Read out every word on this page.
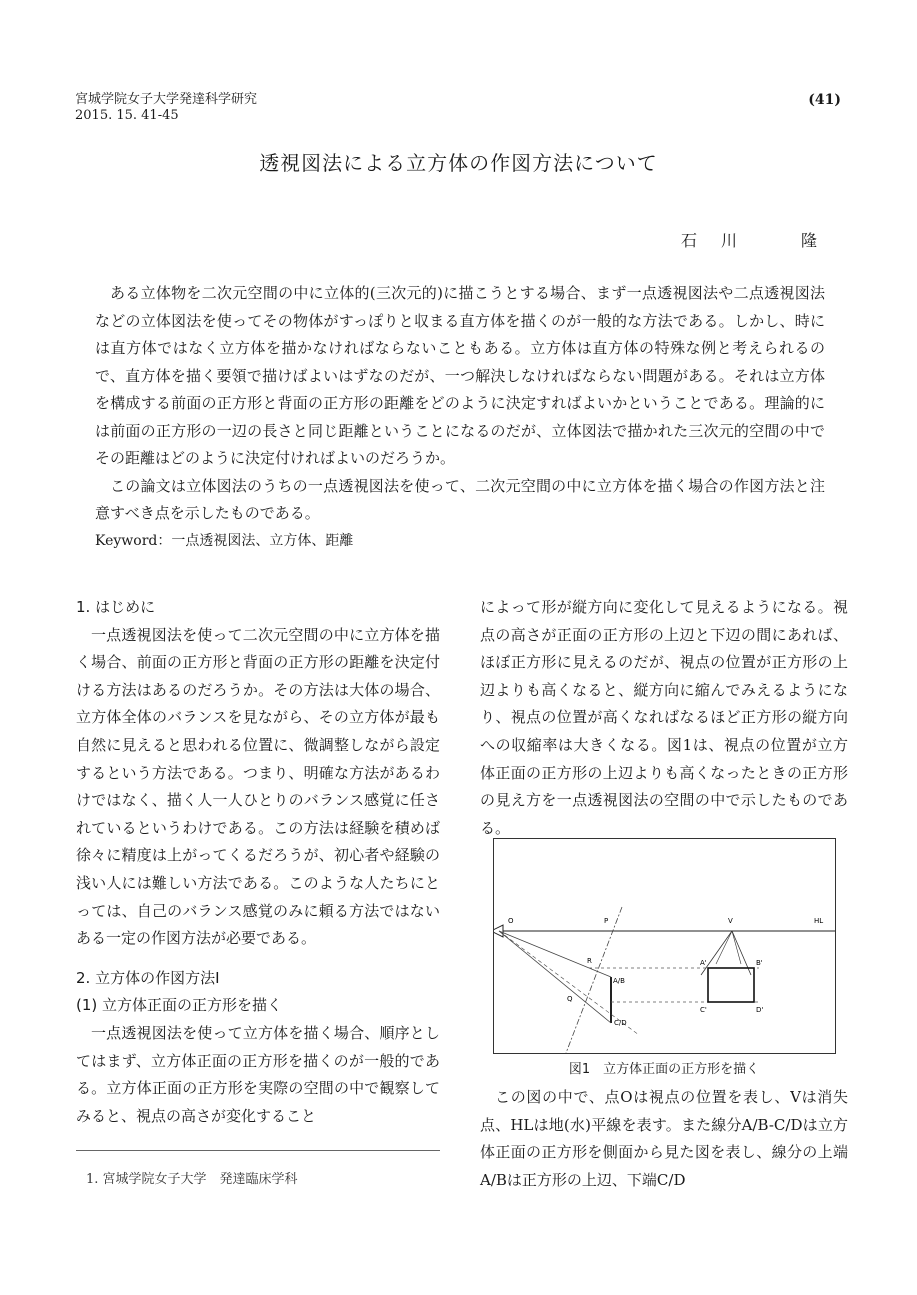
宮城学院女子大学発達科学研究
2015. 15. 41-45
(41)
透視図法による立方体の作図方法について
石川　隆

ある立体物を二次元空間の中に立体的(三次元的)に描こうとする場合、まず一点透視図法や二点透視図法などの立体図法を使ってその物体がすっぽりと収まる直方体を描くのが一般的な方法である。しかし、時には直方体ではなく立方体を描かなければならないこともある。立方体は直方体の特殊な例と考えられるので、直方体を描く要領で描けばよいはずなのだが、一つ解決しなければならない問題がある。それは立方体を構成する前面の正方形と背面の正方形の距離をどのように決定すればよいかということである。理論的には前面の正方形の一辺の長さと同じ距離ということになるのだが、立体図法で描かれた三次元的空間の中でその距離はどのように決定付ければよいのだろうか。

この論文は立体図法のうちの一点透視図法を使って、二次元空間の中に立方体を描く場合の作図方法と注意すべき点を示したものである。

Keyword：一点透視図法、立方体、距離

1. はじめに

一点透視図法を使って二次元空間の中に立方体を描く場合、前面の正方形と背面の正方形の距離を決定付ける方法はあるのだろうか。その方法は大体の場合、立方体全体のバランスを見ながら、その立方体が最も自然に見えると思われる位置に、微調整しながら設定するという方法である。つまり、明確な方法があるわけではなく、描く人一人ひとりのバランス感覚に任されているというわけである。この方法は経験を積めば徐々に精度は上がってくるだろうが、初心者や経験の浅い人には難しい方法である。このような人たちにとっては、自己のバランス感覚のみに頼る方法ではないある一定の作図方法が必要である。

2. 立方体の作図方法Ⅰ

(1) 立方体正面の正方形を描く

一点透視図法を使って立方体を描く場合、順序としてはまず、立方体正面の正方形を描くのが一般的である。立方体正面の正方形を実際の空間の中で観察してみると、視点の高さが変化すること

によって形が縦方向に変化して見えるようになる。視点の高さが正面の正方形の上辺と下辺の間にあれば、ほぼ正方形に見えるのだが、視点の位置が正方形の上辺よりも高くなると、縦方向に縮んでみえるようになり、視点の位置が高くなればなるほど正方形の縦方向への収縮率は大きくなる。図1は、視点の位置が立方体正面の正方形の上辺よりも高くなったときの正方形の見え方を一点透視図法の空間の中で示したものである。

O	P	V	HL
R
A/B
Q
C/D
A'	B'
C'	D'
図1　立方体正面の正方形を描く

この図の中で、点Oは視点の位置を表し、Vは消失点、HLは地(水)平線を表す。また線分A/B-C/Dは立方体正面の正方形を側面から見た図を表し、線分の上端A/Bは正方形の上辺、下端C/D

1. 宮城学院女子大学　発達臨床学科
